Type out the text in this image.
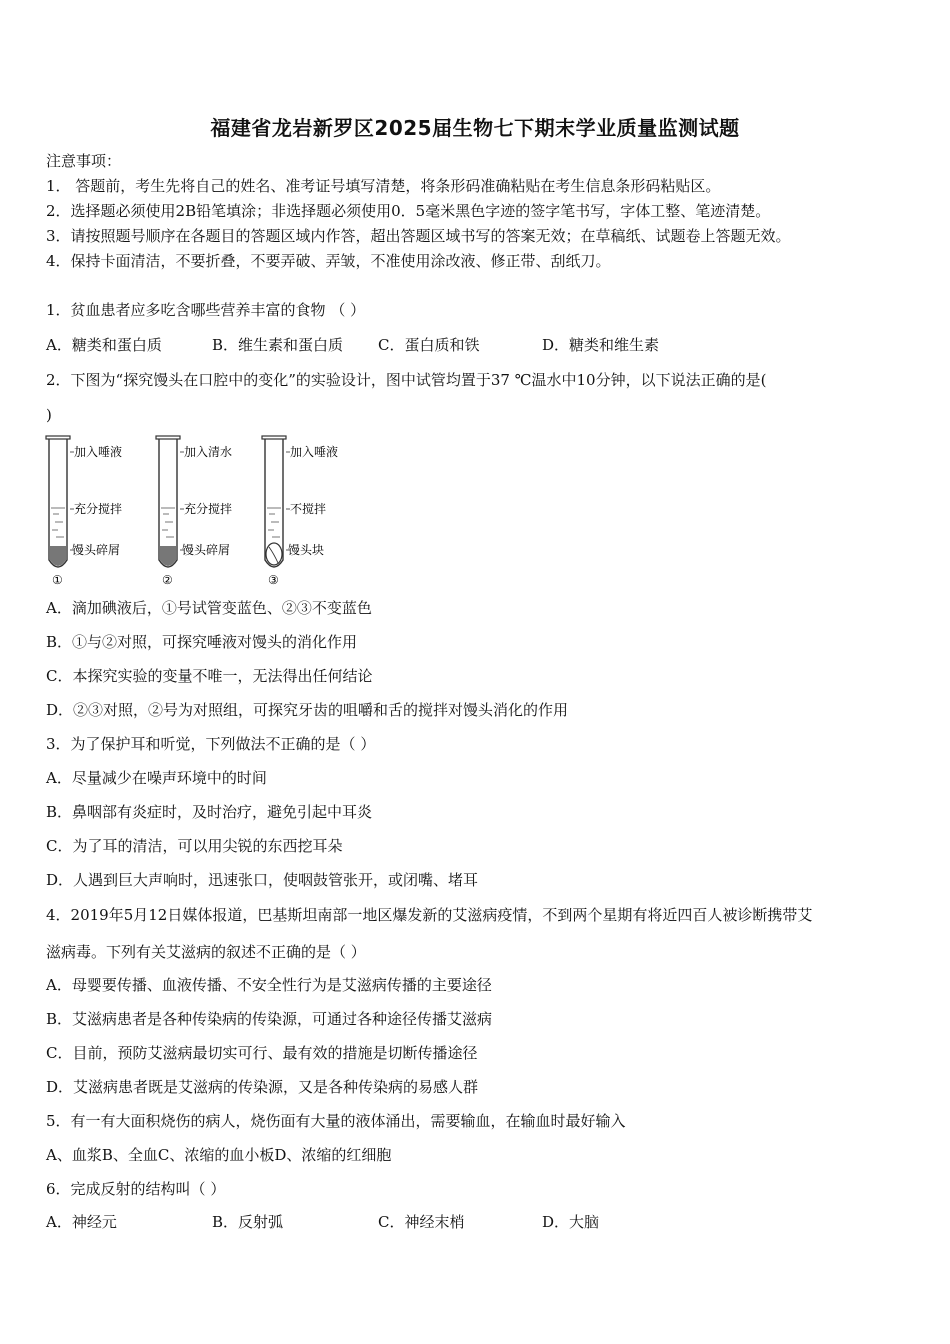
福建省龙岩新罗区2025届生物七下期末学业质量监测试题
注意事项：
1． 答题前，考生先将自己的姓名、准考证号填写清楚，将条形码准确粘贴在考生信息条形码粘贴区。
2．选择题必须使用2B铅笔填涂；非选择题必须使用0．5毫米黑色字迹的签字笔书写，字体工整、笔迹清楚。
3．请按照题号顺序在各题目的答题区域内作答，超出答题区域书写的答案无效；在草稿纸、试题卷上答题无效。
4．保持卡面清洁，不要折叠，不要弄破、弄皱，不准使用涂改液、修正带、刮纸刀。
1．贫血患者应多吃含哪些营养丰富的食物 （ ）
A．糖类和蛋白质	B．维生素和蛋白质 C．蛋白质和铁	D．糖类和维生素
2．下图为“探究馒头在口腔中的变化”的实验设计，图中试管均置于37 ℃温水中10分钟，以下说法正确的是(
)
加入唾液
充分搅拌
馒头碎屑
①
加入清水
充分搅拌
馒头碎屑
②
加入唾液
不搅拌
馒头块
③
A．滴加碘液后，①号试管变蓝色、②③不变蓝色
B．①与②对照，可探究唾液对馒头的消化作用
C．本探究实验的变量不唯一，无法得出任何结论
D．②③对照，②号为对照组，可探究牙齿的咀嚼和舌的搅拌对馒头消化的作用
3．为了保护耳和听觉，下列做法不正确的是（ ）
A．尽量减少在噪声环境中的时间
B．鼻咽部有炎症时，及时治疗，避免引起中耳炎
C．为了耳的清洁，可以用尖锐的东西挖耳朵
D．人遇到巨大声响时，迅速张口，使咽鼓管张开，或闭嘴、堵耳
4．2019年5月12日媒体报道，巴基斯坦南部一地区爆发新的艾滋病疫情，不到两个星期有将近四百人被诊断携带艾
滋病毒。下列有关艾滋病的叙述不正确的是（ ）
A．母婴要传播、血液传播、不安全性行为是艾滋病传播的主要途径
B．艾滋病患者是各种传染病的传染源，可通过各种途径传播艾滋病
C．目前，预防艾滋病最切实可行、最有效的措施是切断传播途径
D．艾滋病患者既是艾滋病的传染源，又是各种传染病的易感人群
5．有一有大面积烧伤的病人，烧伤面有大量的液体涌出，需要输血，在输血时最好输入
A、血浆B、全血C、浓缩的血小板D、浓缩的红细胞
6．完成反射的结构叫（ ）
A．神经元	B．反射弧	C．神经末梢	D．大脑
